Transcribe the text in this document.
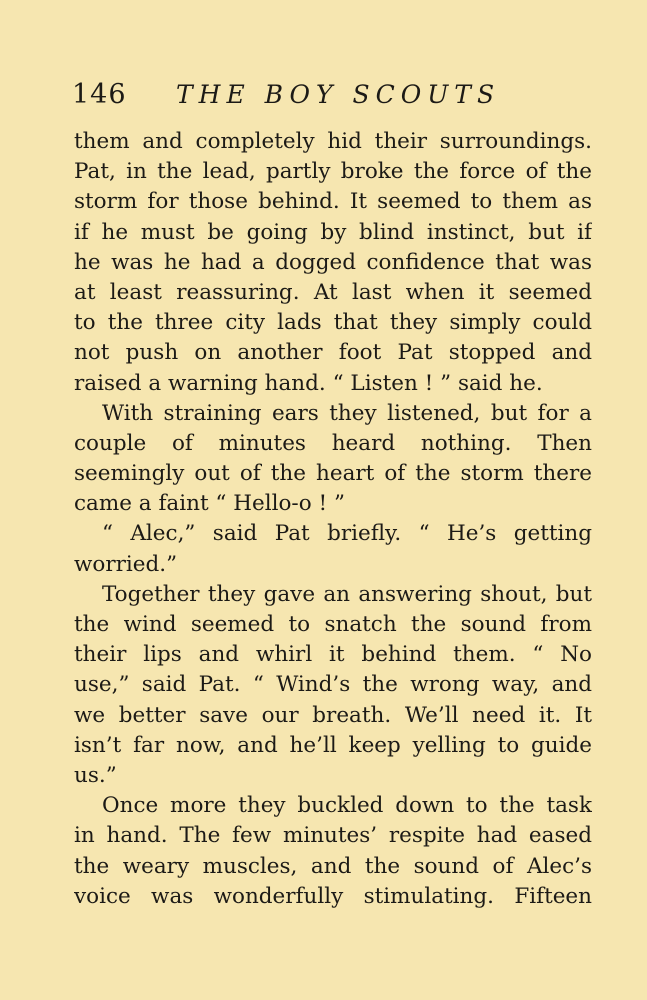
146 THE BOY SCOUTS
them and completely hid their surroundings.
Pat, in the lead, partly broke the force of the
storm for those behind. It seemed to them as
if he must be going by blind instinct, but if
he was he had a dogged confidence that was
at least reassuring. At last when it seemed
to the three city lads that they simply could
not push on another foot Pat stopped and
raised a warning hand. “ Listen ! ” said he.
With straining ears they listened, but for a
couple of minutes heard nothing. Then
seemingly out of the heart of the storm there
came a faint “ Hello-o ! ”
“ Alec,” said Pat briefly. “ He’s getting
worried.”
Together they gave an answering shout, but
the wind seemed to snatch the sound from
their lips and whirl it behind them. “ No
use,” said Pat. “ Wind’s the wrong way, and
we better save our breath. We’ll need it. It
isn’t far now, and he’ll keep yelling to guide
us.”
Once more they buckled down to the task
in hand. The few minutes’ respite had eased
the weary muscles, and the sound of Alec’s
voice was wonderfully stimulating. Fifteen
